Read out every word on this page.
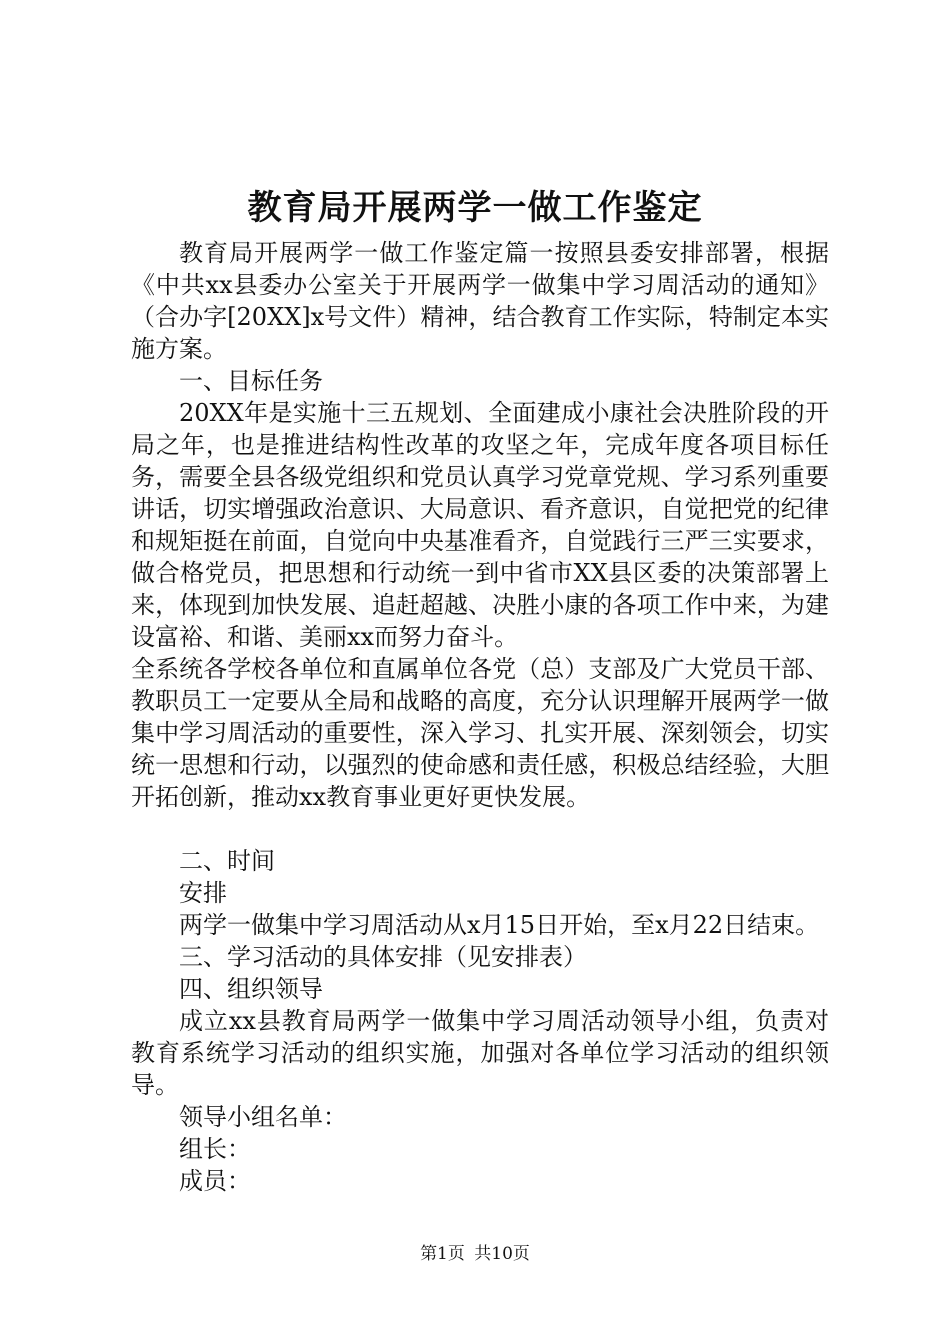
教育局开展两学一做工作鉴定

教育局开展两学一做工作鉴定篇一按照县委安排部署，根据《中共xx县委办公室关于开展两学一做集中学习周活动的通知》（合办字[20XX]x号文件）精神，结合教育工作实际，特制定本实施方案。

一、目标任务

20XX年是实施十三五规划、全面建成小康社会决胜阶段的开局之年，也是推进结构性改革的攻坚之年，完成年度各项目标任务，需要全县各级党组织和党员认真学习党章党规、学习系列重要讲话，切实增强政治意识、大局意识、看齐意识，自觉把党的纪律和规矩挺在前面，自觉向中央基准看齐，自觉践行三严三实要求，做合格党员，把思想和行动统一到中省市XX县区委的决策部署上来，体现到加快发展、追赶超越、决胜小康的各项工作中来，为建设富裕、和谐、美丽xx而努力奋斗。

全系统各学校各单位和直属单位各党（总）支部及广大党员干部、教职员工一定要从全局和战略的高度，充分认识理解开展两学一做集中学习周活动的重要性，深入学习、扎实开展、深刻领会，切实统一思想和行动，以强烈的使命感和责任感，积极总结经验，大胆开拓创新，推动xx教育事业更好更快发展。

二、时间

安排

两学一做集中学习周活动从x月15日开始，至x月22日结束。

三、学习活动的具体安排（见安排表）

四、组织领导

成立xx县教育局两学一做集中学习周活动领导小组，负责对教育系统学习活动的组织实施，加强对各单位学习活动的组织领导。

领导小组名单：

组长：

成员：

第1页 共10页
